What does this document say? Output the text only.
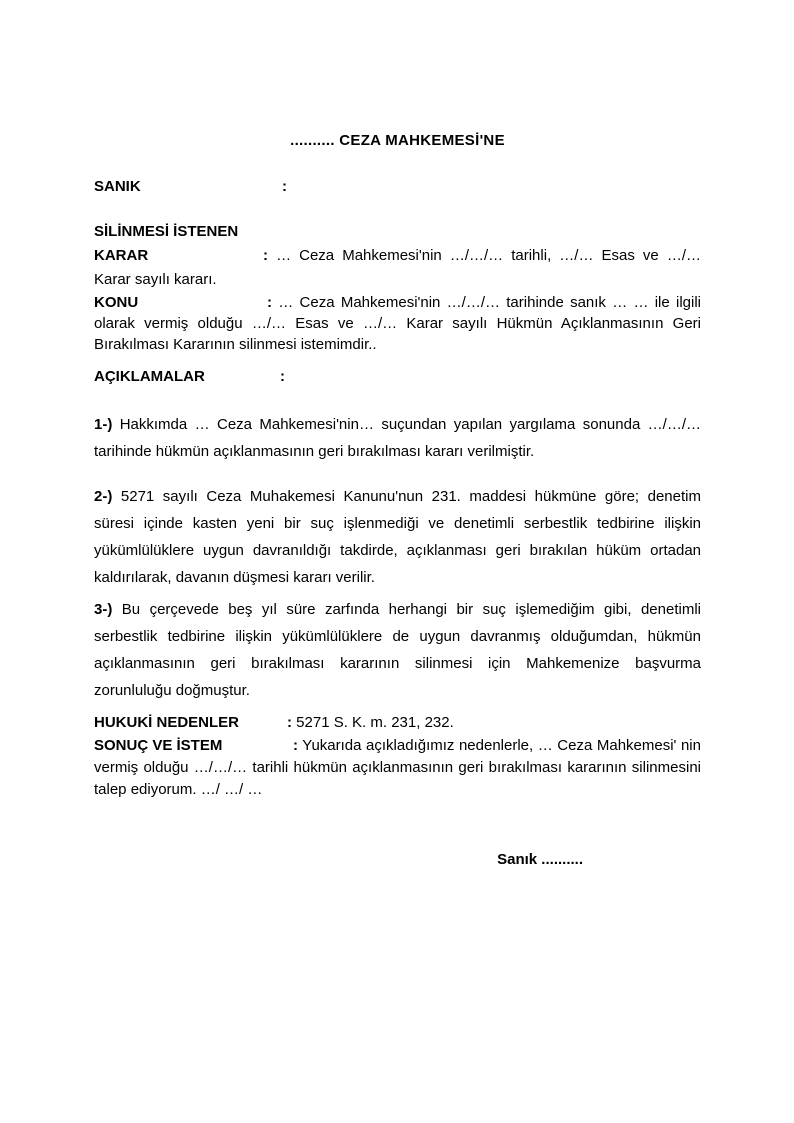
.......... CEZA MAHKEMESİ'NE
SANIK	:
SİLİNMESİ İSTENEN

KARAR	: … Ceza Mahkemesi'nin …/…/… tarihli, …/… Esas ve …/… Karar sayılı kararı.

KONU	: … Ceza Mahkemesi'nin …/…/… tarihinde sanık … … ile ilgili olarak vermiş olduğu …/… Esas ve …/… Karar sayılı Hükmün Açıklanmasının Geri Bırakılması Kararının silinmesi istemimdir..

AÇIKLAMALAR	:

1-) Hakkımda … Ceza Mahkemesi'nin… suçundan yapılan yargılama sonunda …/…/… tarihinde hükmün açıklanmasının geri bırakılması kararı verilmiştir.

2-) 5271 sayılı Ceza Muhakemesi Kanunu'nun 231. maddesi hükmüne göre; denetim süresi içinde kasten yeni bir suç işlenmediği ve denetimli serbestlik tedbirine ilişkin yükümlülüklere uygun davranıldığı takdirde, açıklanması geri bırakılan hüküm ortadan kaldırılarak, davanın düşmesi kararı verilir.

3-) Bu çerçevede beş yıl süre zarfında herhangi bir suç işlemediğim gibi, denetimli serbestlik tedbirine ilişkin yükümlülüklere de uygun davranmış olduğumdan, hükmün açıklanmasının geri bırakılması kararının silinmesi için Mahkemenize başvurma zorunluluğu doğmuştur.

HUKUKİ NEDENLER	: 5271 S. K. m. 231, 232.

SONUÇ VE İSTEM	: Yukarıda açıkladığımız nedenlerle, … Ceza Mahkemesi' nin vermiş olduğu …/…/… tarihli hükmün açıklanmasının geri bırakılması kararının silinmesini talep ediyorum. …/ …/ …

Sanık ..........
